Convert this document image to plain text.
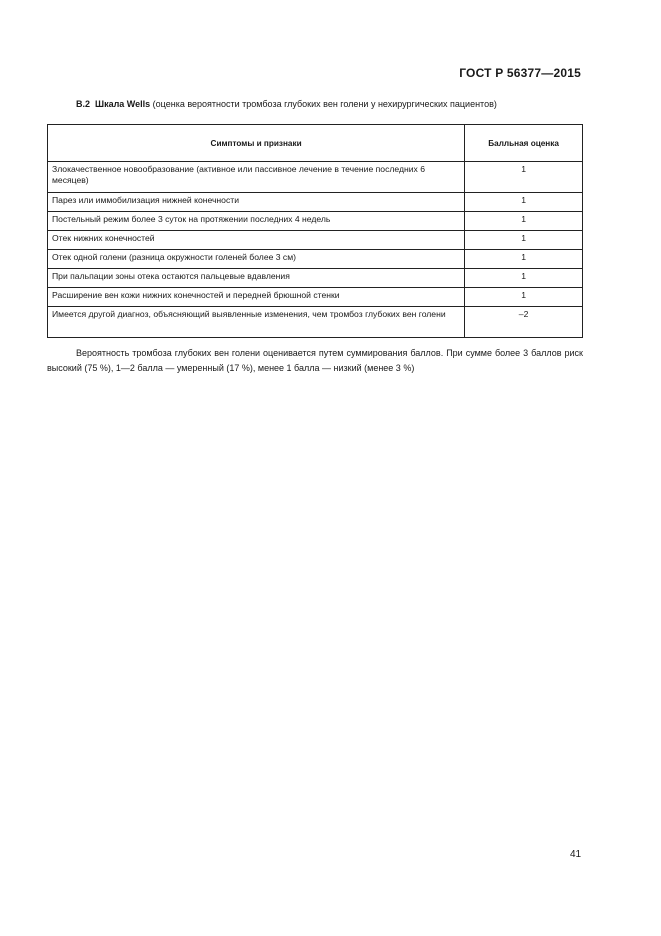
ГОСТ Р 56377—2015
В.2 Шкала Wells (оценка вероятности тромбоза глубоких вен голени у нехирургических пациентов)
Симптомы и признаки	Балльная оценка
Злокачественное новообразование (активное или пассивное лечение в течение последних 6 месяцев)	1
Парез или иммобилизация нижней конечности	1
Постельный режим более 3 суток на протяжении последних 4 недель	1
Отек нижних конечностей	1
Отек одной голени (разница окружности голеней более 3 см)	1
При пальпации зоны отека остаются пальцевые вдавления	1
Расширение вен кожи нижних конечностей и передней брюшной стенки	1
Имеется другой диагноз, объясняющий выявленные изменения, чем тромбоз глубоких вен голени	–2
Вероятность тромбоза глубоких вен голени оценивается путем суммирования баллов. При сумме более 3 баллов риск высокий (75 %), 1—2 балла — умеренный (17 %), менее 1 балла — низкий (менее 3 %)
41
